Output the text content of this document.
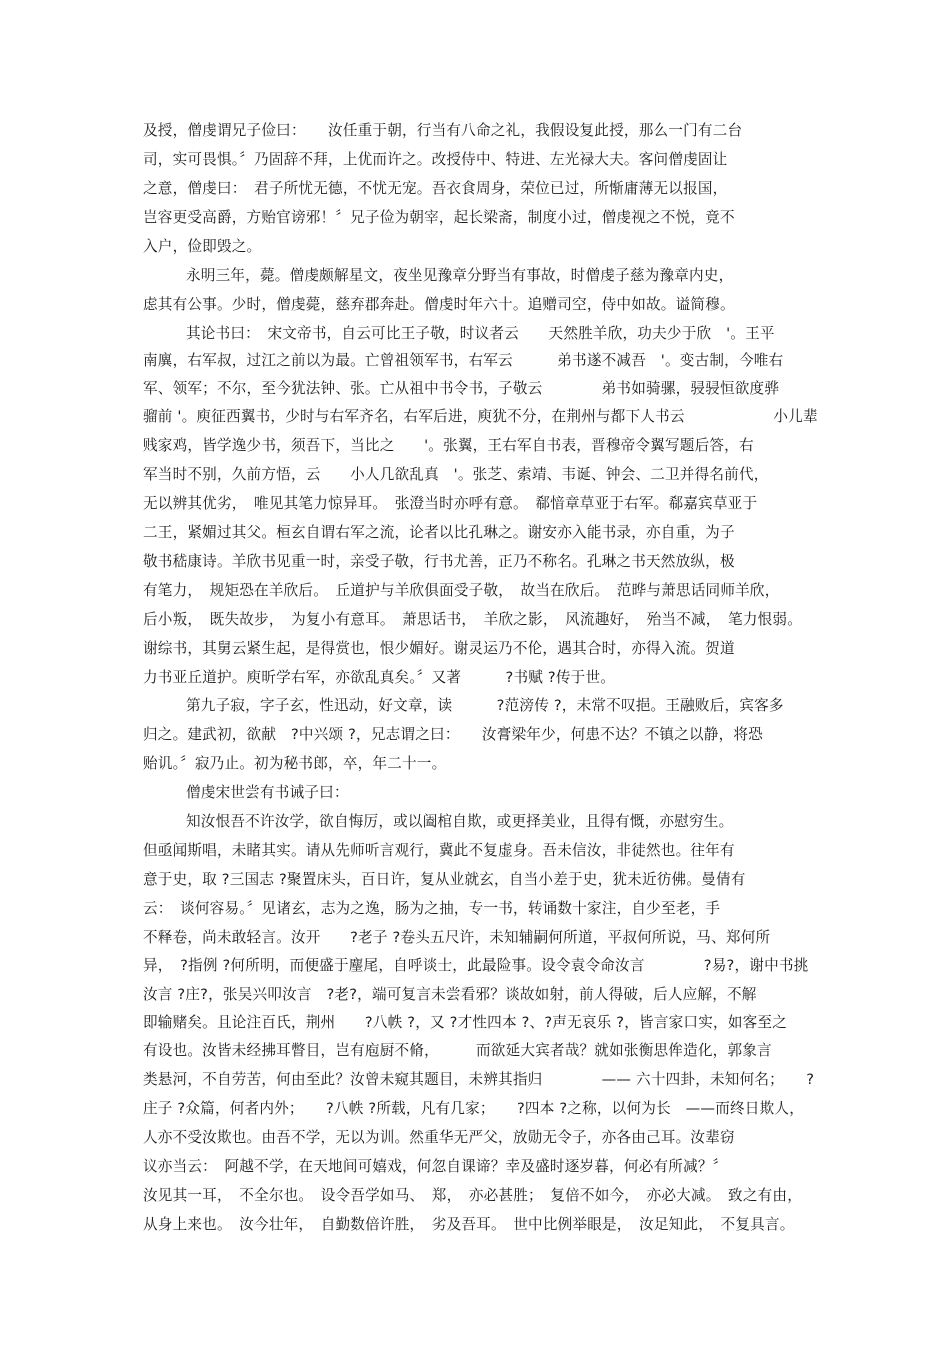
及授，僧虔谓兄子俭曰：　　汝任重于朝，行当有八命之礼，我假设复此授，那么一门有二台
司，实可畏惧。〞乃固辞不拜，上优而许之。改授侍中、特进、左光禄大夫。客问僧虔固让
之意，僧虔曰：　君子所忧无德，不忧无宠。吾衣食周身，荣位已过，所惭庸薄无以报国，
岂容更受高爵，方贻官谤邪！〞兄子俭为朝宰，起长梁斋，制度小过，僧虔视之不悦，竟不
入户，俭即毁之。
永明三年，薨。僧虔颇解星文，夜坐见豫章分野当有事故，时僧虔子慈为豫章内史，
虑其有公事。少时，僧虔薨，慈弃郡奔赴。僧虔时年六十。追赠司空，侍中如故。谥简穆。
其论书曰：　宋文帝书，自云可比王子敬，时议者云　　天然胜羊欣，功夫少于欣　'。王平
南廙，右军叔，过江之前以为最。亡曾祖领军书，右军云　　　弟书遂不减吾　'。变古制，今唯右
军、领军；不尔，至今犹法钟、张。亡从祖中书令书，子敬云　　　　弟书如骑骡，骎骎恒欲度骅
骝前 '。庾征西翼书，少时与右军齐名，右军后进，庾犹不分，在荆州与都下人书云　　　　　　小儿辈
贱家鸡，皆学逸少书，须吾下，当比之　　'。张翼，王右军自书表，晋穆帝令翼写题后答，右
军当时不别，久前方悟，云　　小人几欲乱真　'。张芝、索靖、韦诞、钟会、二卫并得名前代，
无以辨其优劣，　唯见其笔力惊异耳。　张澄当时亦呼有意。　郗愔章草亚于右军。郗嘉宾草亚于
二王，紧媚过其父。桓玄自谓右军之流，论者以比孔琳之。谢安亦入能书录，亦自重，为子
敬书嵇康诗。羊欣书见重一时，亲受子敬，行书尤善，正乃不称名。孔琳之书天然放纵，极
有笔力，　规矩恐在羊欣后。　丘道护与羊欣俱面受子敬，　故当在欣后。　范晔与萧思话同师羊欣，
后小叛，　既失故步，　为复小有意耳。　萧思话书，　羊欣之影，　风流趣好，　殆当不减，　笔力恨弱。
谢综书，其舅云紧生起，是得赏也，恨少媚好。谢灵运乃不伦，遇其合时，亦得入流。贺道
力书亚丘道护。庾昕学右军，亦欲乱真矣。〞又著　　　?书赋 ?传于世。
第九子寂，字子玄，性迅动，好文章，读　　　?范滂传 ?，未常不叹挹。王融败后，宾客多
归之。建武初，欲献　?中兴颂 ?，兄志谓之曰：　　汝膏梁年少，何患不达？不镇之以静，将恐
贻讥。〞寂乃止。初为秘书郎，卒，年二十一。
僧虔宋世尝有书诫子曰：
知汝恨吾不许汝学，欲自悔厉，或以阖棺自欺，或更择美业，且得有慨，亦慰穷生。
但亟闻斯唱，未睹其实。请从先师听言观行，冀此不复虚身。吾未信汝，非徒然也。往年有
意于史，取 ?三国志 ?聚置床头，百日许，复从业就玄，自当小差于史，犹未近彷佛。曼倩有
云：　谈何容易。〞见诸玄，志为之逸，肠为之抽，专一书，转诵数十家注，自少至老，手
不释卷，尚未敢轻言。汝开　　?老子 ?卷头五尺许，未知辅嗣何所道，平叔何所说，马、郑何所
异，　?指例 ?何所明，而便盛于麈尾，自呼谈士，此最险事。设令袁令命汝言　　　　?易?，谢中书挑
汝言 ?庄?，张吴兴叩汝言　?老?，端可复言未尝看邪？谈故如射，前人得破，后人应解，不解
即输赌矣。且论注百氏，荆州　　?八帙 ?，又 ?才性四本 ?、?声无哀乐 ?，皆言家口实，如客至之
有设也。汝皆未经拂耳瞥目，岂有庖厨不脩，　　　而欲延大宾者哉？就如张衡思侔造化，郭象言
类悬河，不自劳苦，何由至此？汝曾未窥其题目，未辨其指归　　　　—— 六十四卦，未知何名；　　?
庄子 ?众篇，何者内外；　　?八帙 ?所载，凡有几家；　　?四本 ?之称，以何为长　——而终日欺人，
人亦不受汝欺也。由吾不学，无以为训。然重华无严父，放勋无令子，亦各由己耳。汝辈窃
议亦当云：　阿越不学，在天地间可嬉戏，何忽自课谛？幸及盛时逐岁暮，何必有所减？〞
汝见其一耳，　不全尔也。　设令吾学如马、　郑，　亦必甚胜；　复倍不如今，　亦必大减。　致之有由，
从身上来也。　汝今壮年，　自勤数倍许胜，　劣及吾耳。　世中比例举眼是，　汝足知此，　不复具言。
